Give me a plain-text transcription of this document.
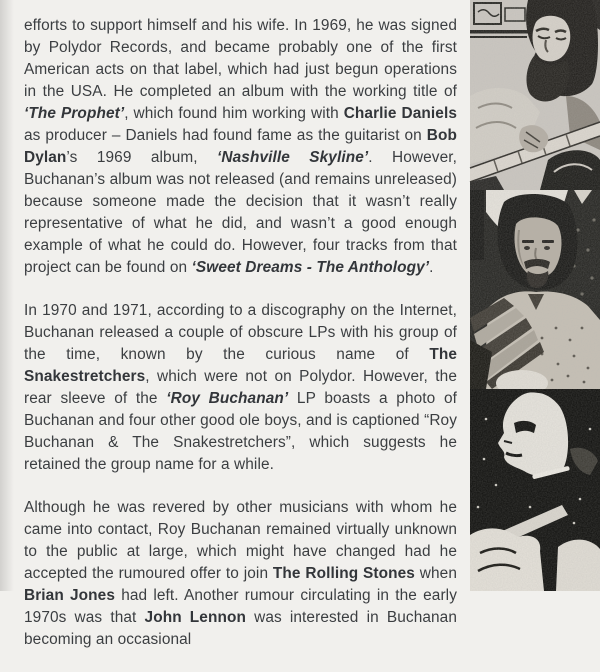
efforts to support himself and his wife. In 1969, he was signed by Polydor Records, and became probably one of the first American acts on that label, which had just begun operations in the USA. He completed an album with the working title of ‘The Prophet’, which found him working with Charlie Daniels as producer – Daniels had found fame as the guitarist on Bob Dylan’s 1969 album, ‘Nashville Skyline’. However, Buchanan’s album was not released (and remains unreleased) because someone made the decision that it wasn’t really representative of what he did, and wasn’t a good enough example of what he could do. However, four tracks from that project can be found on ‘Sweet Dreams - The Anthology’.

In 1970 and 1971, according to a discography on the Internet, Buchanan released a couple of obscure LPs with his group of the time, known by the curious name of The Snakestretchers, which were not on Polydor. However, the rear sleeve of the ‘Roy Buchanan’ LP boasts a photo of Buchanan and four other good ole boys, and is captioned “Roy Buchanan & The Snakestretchers”, which suggests he retained the group name for a while.

Although he was revered by other musicians with whom he came into contact, Roy Buchanan remained virtually unknown to the public at large, which might have changed had he accepted the rumoured offer to join The Rolling Stones when Brian Jones had left. Another rumour circulating in the early 1970s was that John Lennon was interested in Buchanan becoming an occasional
